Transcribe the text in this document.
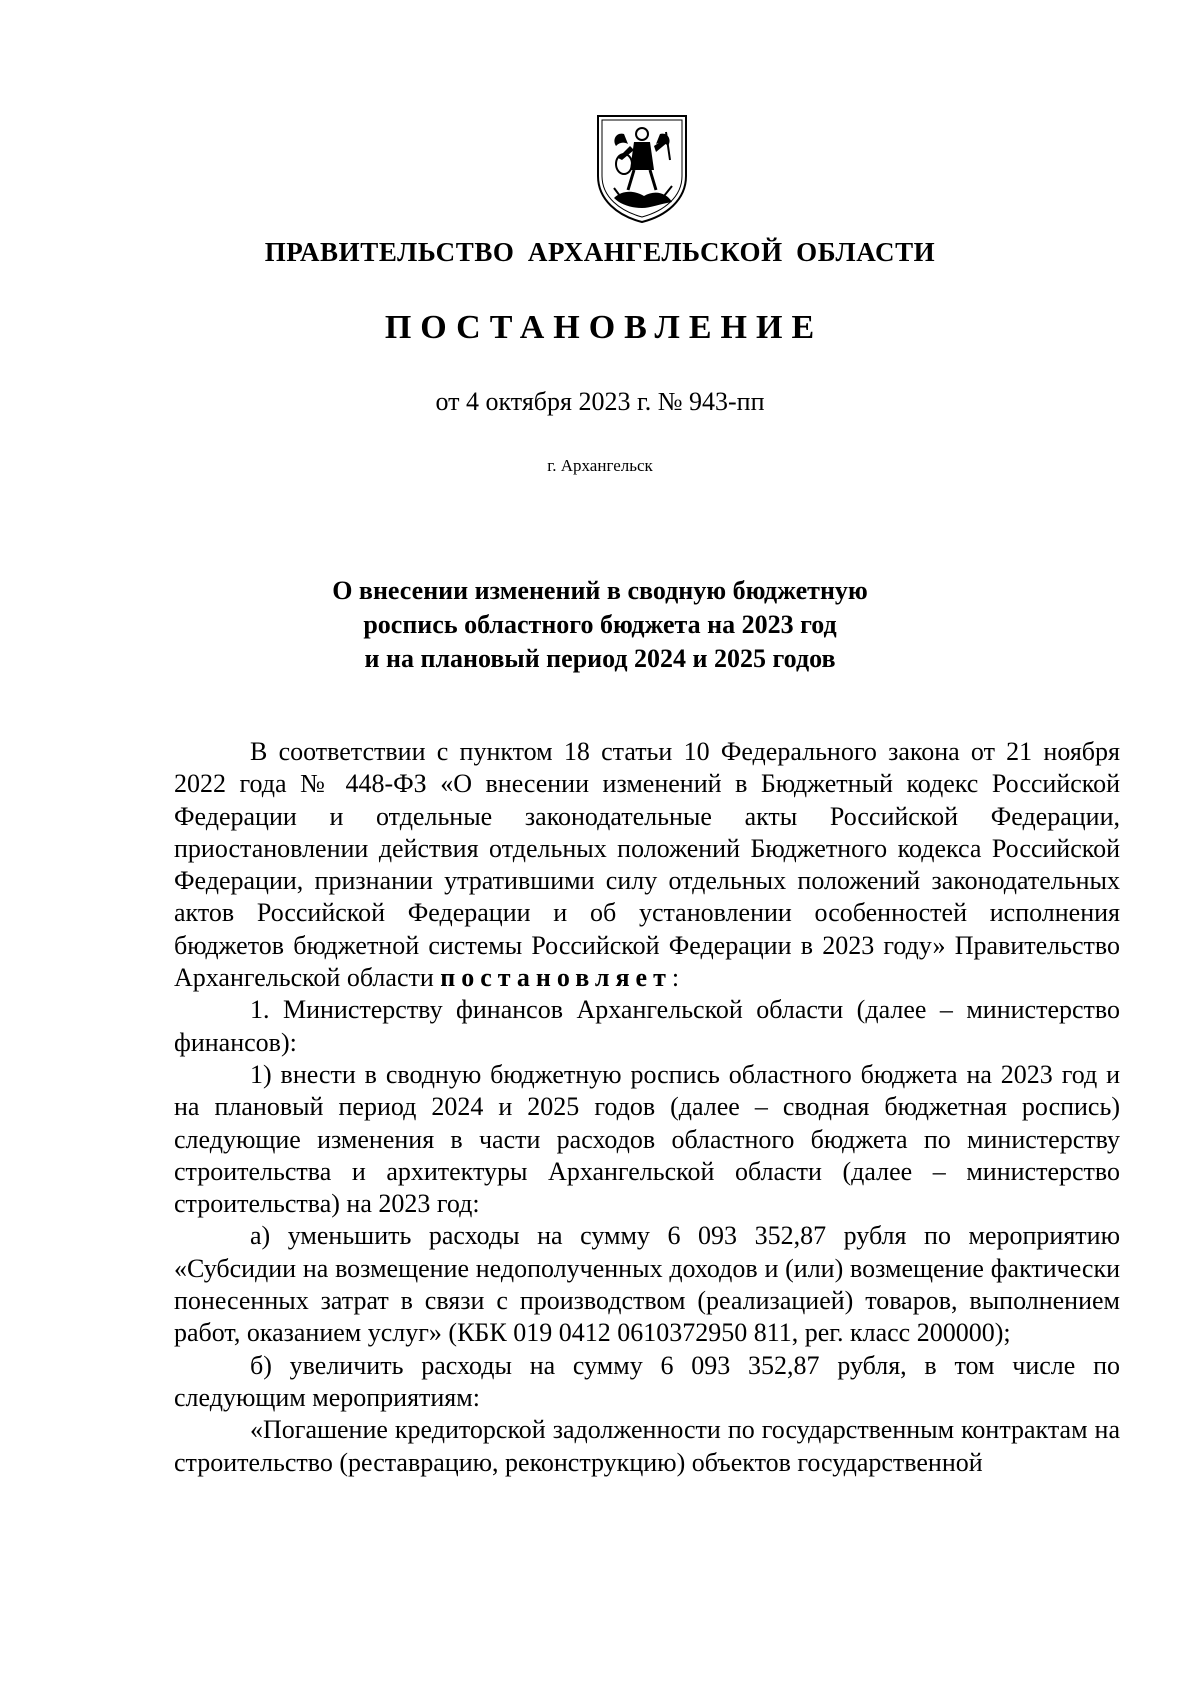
ПРАВИТЕЛЬСТВО АРХАНГЕЛЬСКОЙ ОБЛАСТИ
ПОСТАНОВЛЕНИЕ
от 4 октября 2023 г. № 943-пп
г. Архангельск
О внесении изменений в сводную бюджетную
роспись областного бюджета на 2023 год
и на плановый период 2024 и 2025 годов

В соответствии с пунктом 18 статьи 10 Федерального закона от 21 ноября 2022 года № 448-ФЗ «О внесении изменений в Бюджетный кодекс Российской Федерации и отдельные законодательные акты Российской Федерации, приостановлении действия отдельных положений Бюджетного кодекса Российской Федерации, признании утратившими силу отдельных положений законодательных актов Российской Федерации и об установлении особенностей исполнения бюджетов бюджетной системы Российской Федерации в 2023 году» Правительство Архангельской области постановляет:

1. Министерству финансов Архангельской области (далее – министерство финансов):

1) внести в сводную бюджетную роспись областного бюджета на 2023 год и на плановый период 2024 и 2025 годов (далее – сводная бюджетная роспись) следующие изменения в части расходов областного бюджета по министерству строительства и архитектуры Архангельской области (далее – министерство строительства) на 2023 год:

а) уменьшить расходы на сумму 6 093 352,87 рубля по мероприятию «Субсидии на возмещение недополученных доходов и (или) возмещение фактически понесенных затрат в связи с производством (реализацией) товаров, выполнением работ, оказанием услуг» (КБК 019 0412 0610372950 811, рег. класс 200000);

б) увеличить расходы на сумму 6 093 352,87 рубля, в том числе по следующим мероприятиям:

«Погашение кредиторской задолженности по государственным контрактам на строительство (реставрацию, реконструкцию) объектов государственной
